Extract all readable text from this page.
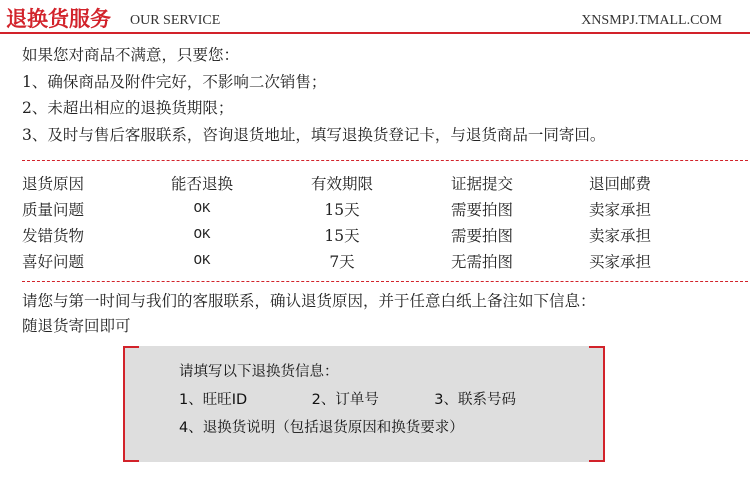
退换货服务 OUR SERVICE	XNSMPJ.TMALL.COM
如果您对商品不满意，只要您：
1、确保商品及附件完好，不影响二次销售；
2、未超出相应的退换货期限；
3、及时与售后客服联系，咨询退货地址，填写退换货登记卡，与退货商品一同寄回。
退货原因	能否退换	有效期限	证据提交	退回邮费
质量问题	OK	15天	需要拍图	卖家承担
发错货物	OK	15天	需要拍图	卖家承担
喜好问题	OK	7天	无需拍图	买家承担
请您与第一时间与我们的客服联系，确认退货原因，并于任意白纸上备注如下信息：
随退货寄回即可
请填写以下退换货信息：
1、旺旺ID	2、订单号	3、联系号码
4、退换货说明（包括退货原因和换货要求）
